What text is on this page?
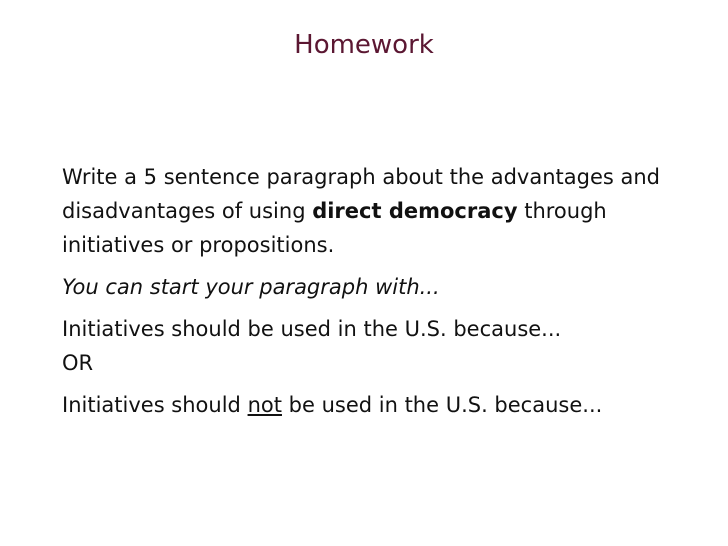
Homework

Write a 5 sentence paragraph about the advantages and disadvantages of using direct democracy through initiatives or propositions.

You can start your paragraph with...

Initiatives should be used in the U.S. because...

OR

Initiatives should not be used in the U.S. because...
